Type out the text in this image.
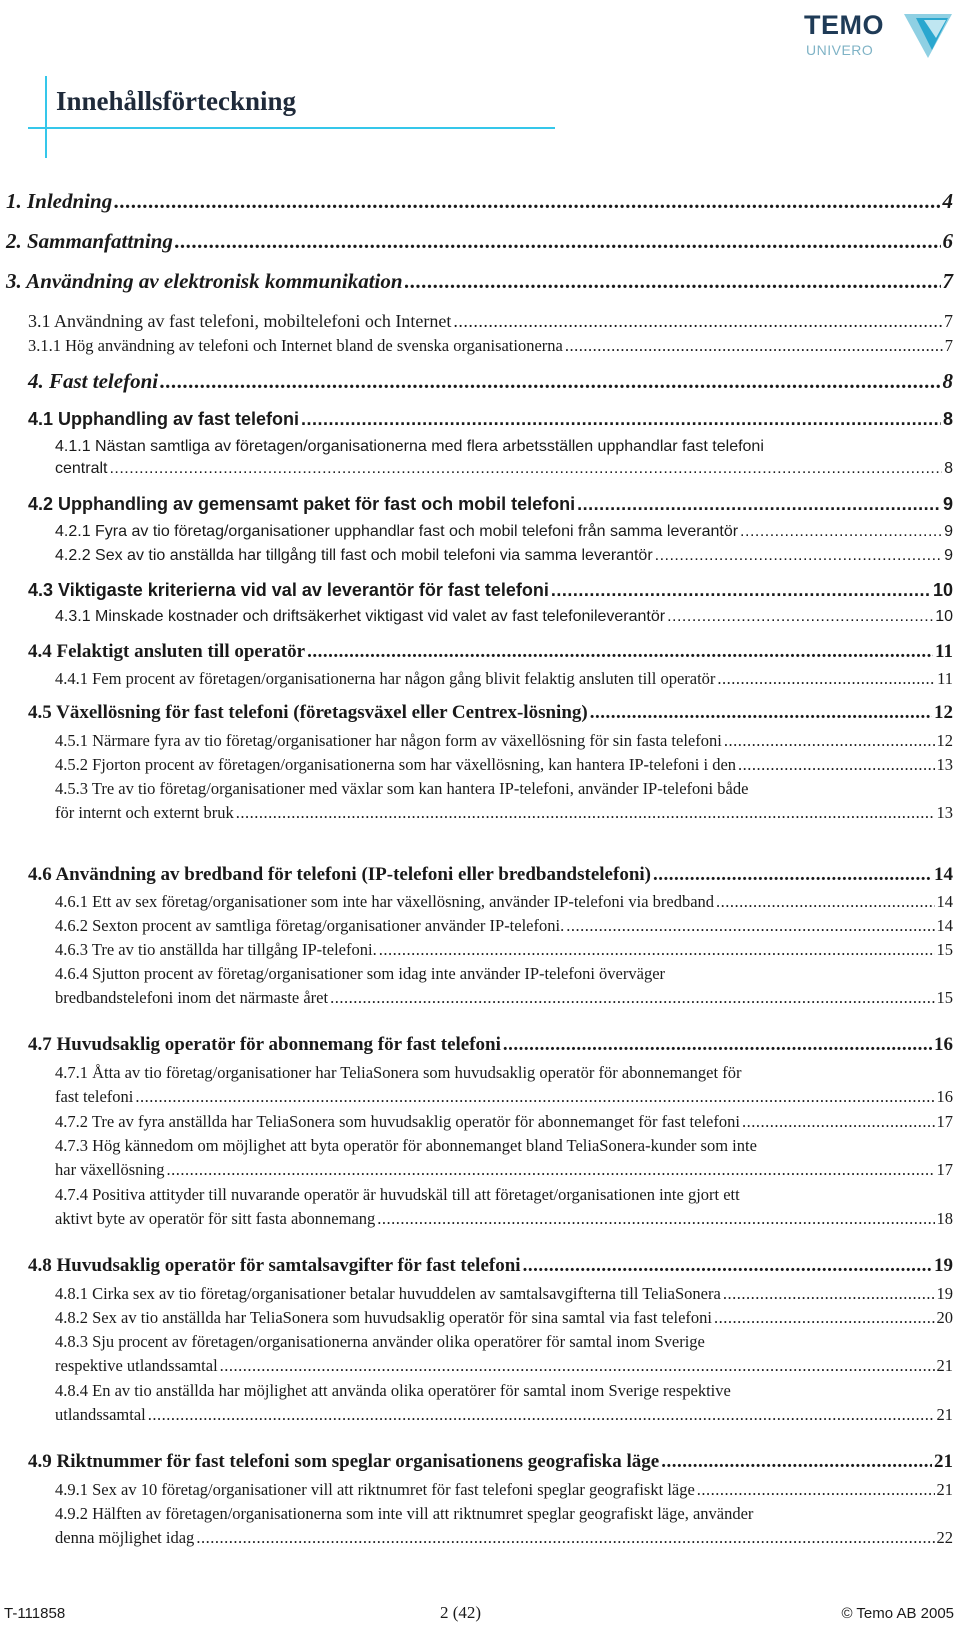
TEMO
UNIVERO
Innehållsförteckning
1. Inledning .....	4
2. Sammanfattning .....	6
3. Användning av elektronisk kommunikation .....	7
3.1 Användning av fast telefoni, mobiltelefoni och Internet .....	7
3.1.1 Hög användning av telefoni och Internet bland de svenska organisationerna .....	7
4. Fast telefoni .....	8
4.1 Upphandling av fast telefoni .....	8
4.1.1 Nästan samtliga av företagen/organisationerna med flera arbetsställen upphandlar fast telefoni
centralt .....	8
4.2 Upphandling av gemensamt paket för fast och mobil telefoni .....	9
4.2.1 Fyra av tio företag/organisationer upphandlar fast och mobil telefoni från samma leverantör .....	9
4.2.2 Sex av tio anställda har tillgång till fast och mobil telefoni via samma leverantör .....	9
4.3 Viktigaste kriterierna vid val av leverantör för fast telefoni .....	10
4.3.1 Minskade kostnader och driftsäkerhet viktigast vid valet av fast telefonileverantör .....	10
4.4 Felaktigt ansluten till operatör .....	11
4.4.1 Fem procent av företagen/organisationerna har någon gång blivit felaktig ansluten till operatör .....	11
4.5 Växellösning för fast telefoni (företagsväxel eller Centrex-lösning) .....	12
4.5.1 Närmare fyra av tio företag/organisationer har någon form av växellösning för sin fasta telefoni .....	12
4.5.2 Fjorton procent av företagen/organisationerna som har växellösning, kan hantera IP-telefoni i den .....	13
4.5.3 Tre av tio företag/organisationer med växlar som kan hantera IP-telefoni, använder IP-telefoni både
för internt och externt bruk .....	13
4.6 Användning av bredband för telefoni (IP-telefoni eller bredbandstelefoni) .....	14
4.6.1 Ett av sex företag/organisationer som inte har växellösning, använder IP-telefoni via bredband .....	14
4.6.2 Sexton procent av samtliga företag/organisationer använder IP-telefoni. .....	14
4.6.3 Tre av tio anställda har tillgång IP-telefoni. .....	15
4.6.4 Sjutton procent av företag/organisationer som idag inte använder IP-telefoni överväger
bredbandstelefoni inom det närmaste året .....	15
4.7 Huvudsaklig operatör för abonnemang för fast telefoni .....	16
4.7.1 Åtta av tio företag/organisationer har TeliaSonera som huvudsaklig operatör för abonnemanget för
fast telefoni .....	16
4.7.2 Tre av fyra anställda har TeliaSonera som huvudsaklig operatör för abonnemanget för fast telefoni .....	17
4.7.3 Hög kännedom om möjlighet att byta operatör för abonnemanget bland TeliaSonera-kunder som inte
har växellösning .....	17
4.7.4 Positiva attityder till nuvarande operatör är huvudskäl till att företaget/organisationen inte gjort ett
aktivt byte av operatör för sitt fasta abonnemang .....	18
4.8 Huvudsaklig operatör för samtalsavgifter för fast telefoni .....	19
4.8.1 Cirka sex av tio företag/organisationer betalar huvuddelen av samtalsavgifterna till TeliaSonera .....	19
4.8.2 Sex av tio anställda har TeliaSonera som huvudsaklig operatör för sina samtal via fast telefoni .....	20
4.8.3 Sju procent av företagen/organisationerna använder olika operatörer för samtal inom Sverige
respektive utlandssamtal .....	21
4.8.4 En av tio anställda har möjlighet att använda olika operatörer för samtal inom Sverige respektive
utlandssamtal .....	21
4.9 Riktnummer för fast telefoni som speglar organisationens geografiska läge .....	21
4.9.1 Sex av 10 företag/organisationer vill att riktnumret för fast telefoni speglar geografiskt läge .....	21
4.9.2 Hälften av företagen/organisationerna som inte vill att riktnumret speglar geografiskt läge, använder
denna möjlighet idag .....	22
T-111858	2 (42)	© Temo AB 2005
